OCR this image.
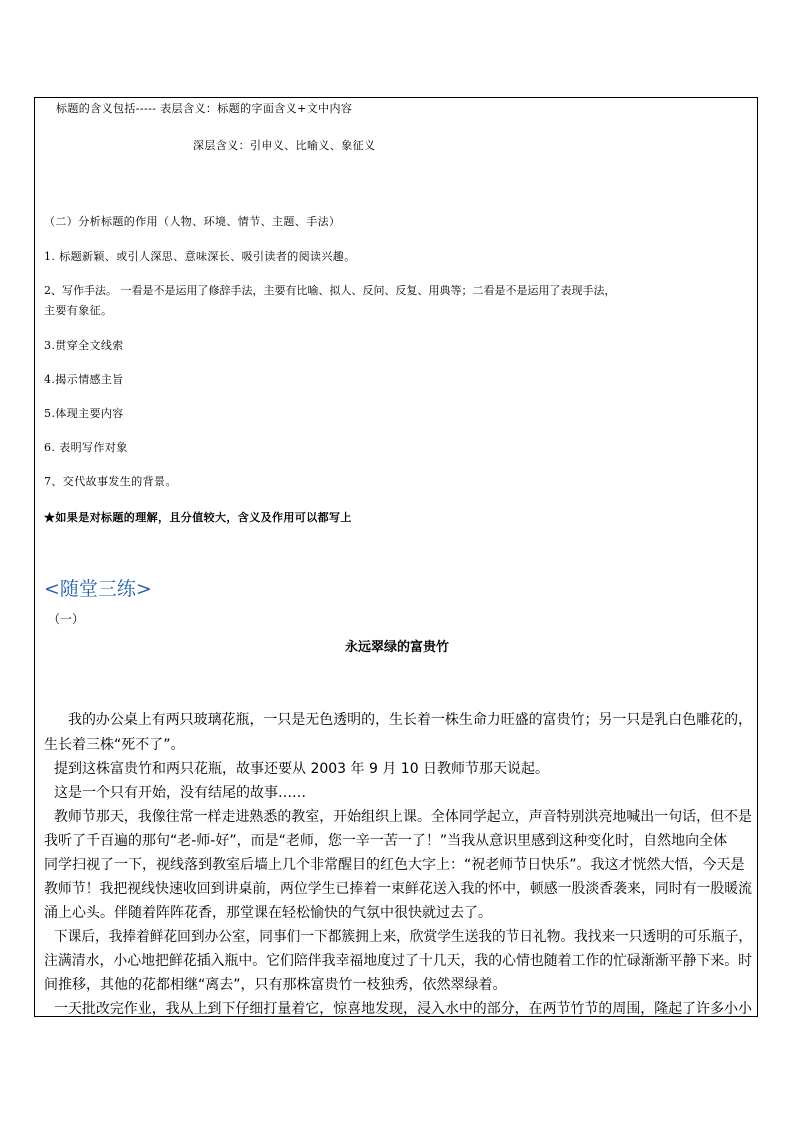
标题的含义包括----- 表层含义：标题的字面含义+文中内容
深层含义：引申义、比喻义、象征义
（二）分析标题的作用（人物、环境、情节、主题、手法）
1. 标题新颖、或引人深思、意味深长、吸引读者的阅读兴趣。
2、写作手法。 一看是不是运用了修辞手法，主要有比喻、拟人、反问、反复、用典等；二看是不是运用了表现手法，
主要有象征。
3.贯穿全文线索
4.揭示情感主旨
5.体现主要内容
6. 表明写作对象
7、交代故事发生的背景。
★如果是对标题的理解，且分值较大，含义及作用可以都写上
<随堂三练>
（一）
永远翠绿的富贵竹
我的办公桌上有两只玻璃花瓶，一只是无色透明的，生长着一株生命力旺盛的富贵竹；另一只是乳白色雕花的，
生长着三株“死不了”。
提到这株富贵竹和两只花瓶，故事还要从 2003 年 9 月 10 日教师节那天说起。
这是一个只有开始，没有结尾的故事……
教师节那天，我像往常一样走进熟悉的教室，开始组织上课。全体同学起立，声音特别洪亮地喊出一句话，但不是
我听了千百遍的那句“老-师-好”，而是“老师，您一辛一苦一了！”当我从意识里感到这种变化时，自然地向全体
同学扫视了一下，视线落到教室后墙上几个非常醒目的红色大字上：“祝老师节日快乐”。我这才恍然大悟，今天是
教师节！我把视线快速收回到讲桌前，两位学生已捧着一束鲜花送入我的怀中，顿感一股淡香袭来，同时有一股暖流
涌上心头。伴随着阵阵花香，那堂课在轻松愉快的气氛中很快就过去了。
下课后，我捧着鲜花回到办公室，同事们一下都簇拥上来，欣赏学生送我的节日礼物。我找来一只透明的可乐瓶子，
注满清水，小心地把鲜花插入瓶中。它们陪伴我幸福地度过了十几天，我的心情也随着工作的忙碌渐渐平静下来。时
间推移，其他的花都相继“离去”，只有那株富贵竹一枝独秀，依然翠绿着。
一天批改完作业，我从上到下仔细打量着它，惊喜地发现，浸入水中的部分，在两节竹节的周围，隆起了许多小小
